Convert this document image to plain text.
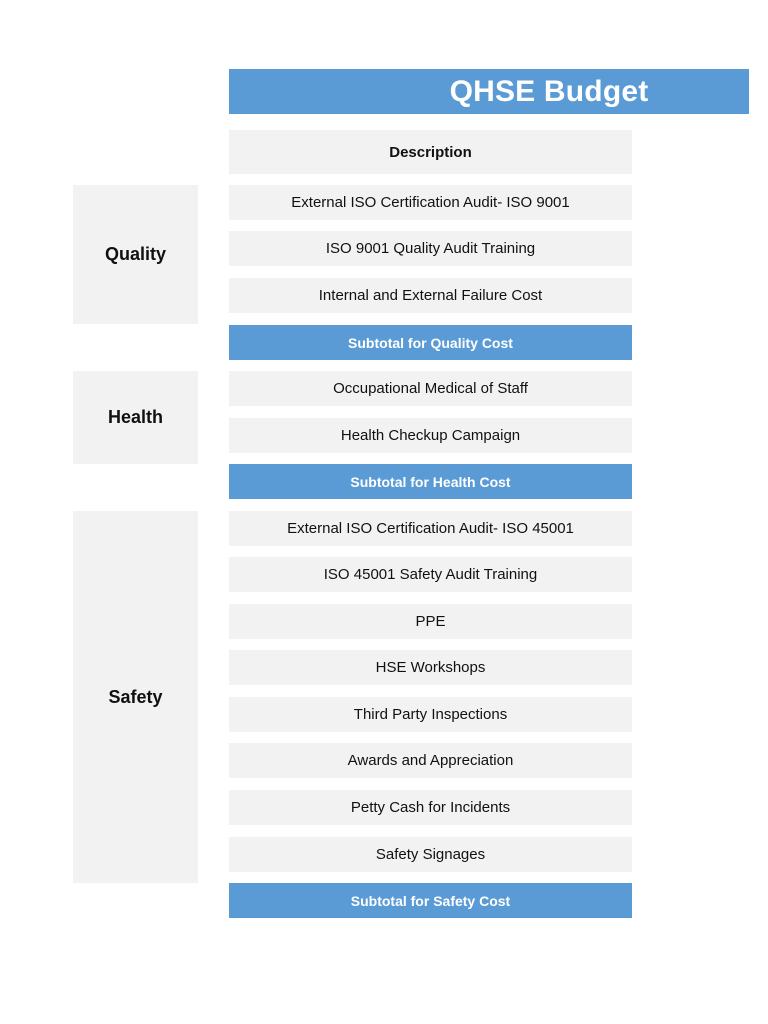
QHSE Budget
Description
Quality
External ISO Certification Audit- ISO 9001
ISO 9001 Quality Audit Training
Internal and External Failure Cost
Subtotal for Quality Cost
Health
Occupational Medical of Staff
Health Checkup Campaign
Subtotal for Health Cost
Safety
External ISO Certification Audit- ISO 45001
ISO 45001 Safety Audit Training
PPE
HSE Workshops
Third Party Inspections
Awards and Appreciation
Petty Cash for Incidents
Safety Signages
Subtotal for Safety Cost
